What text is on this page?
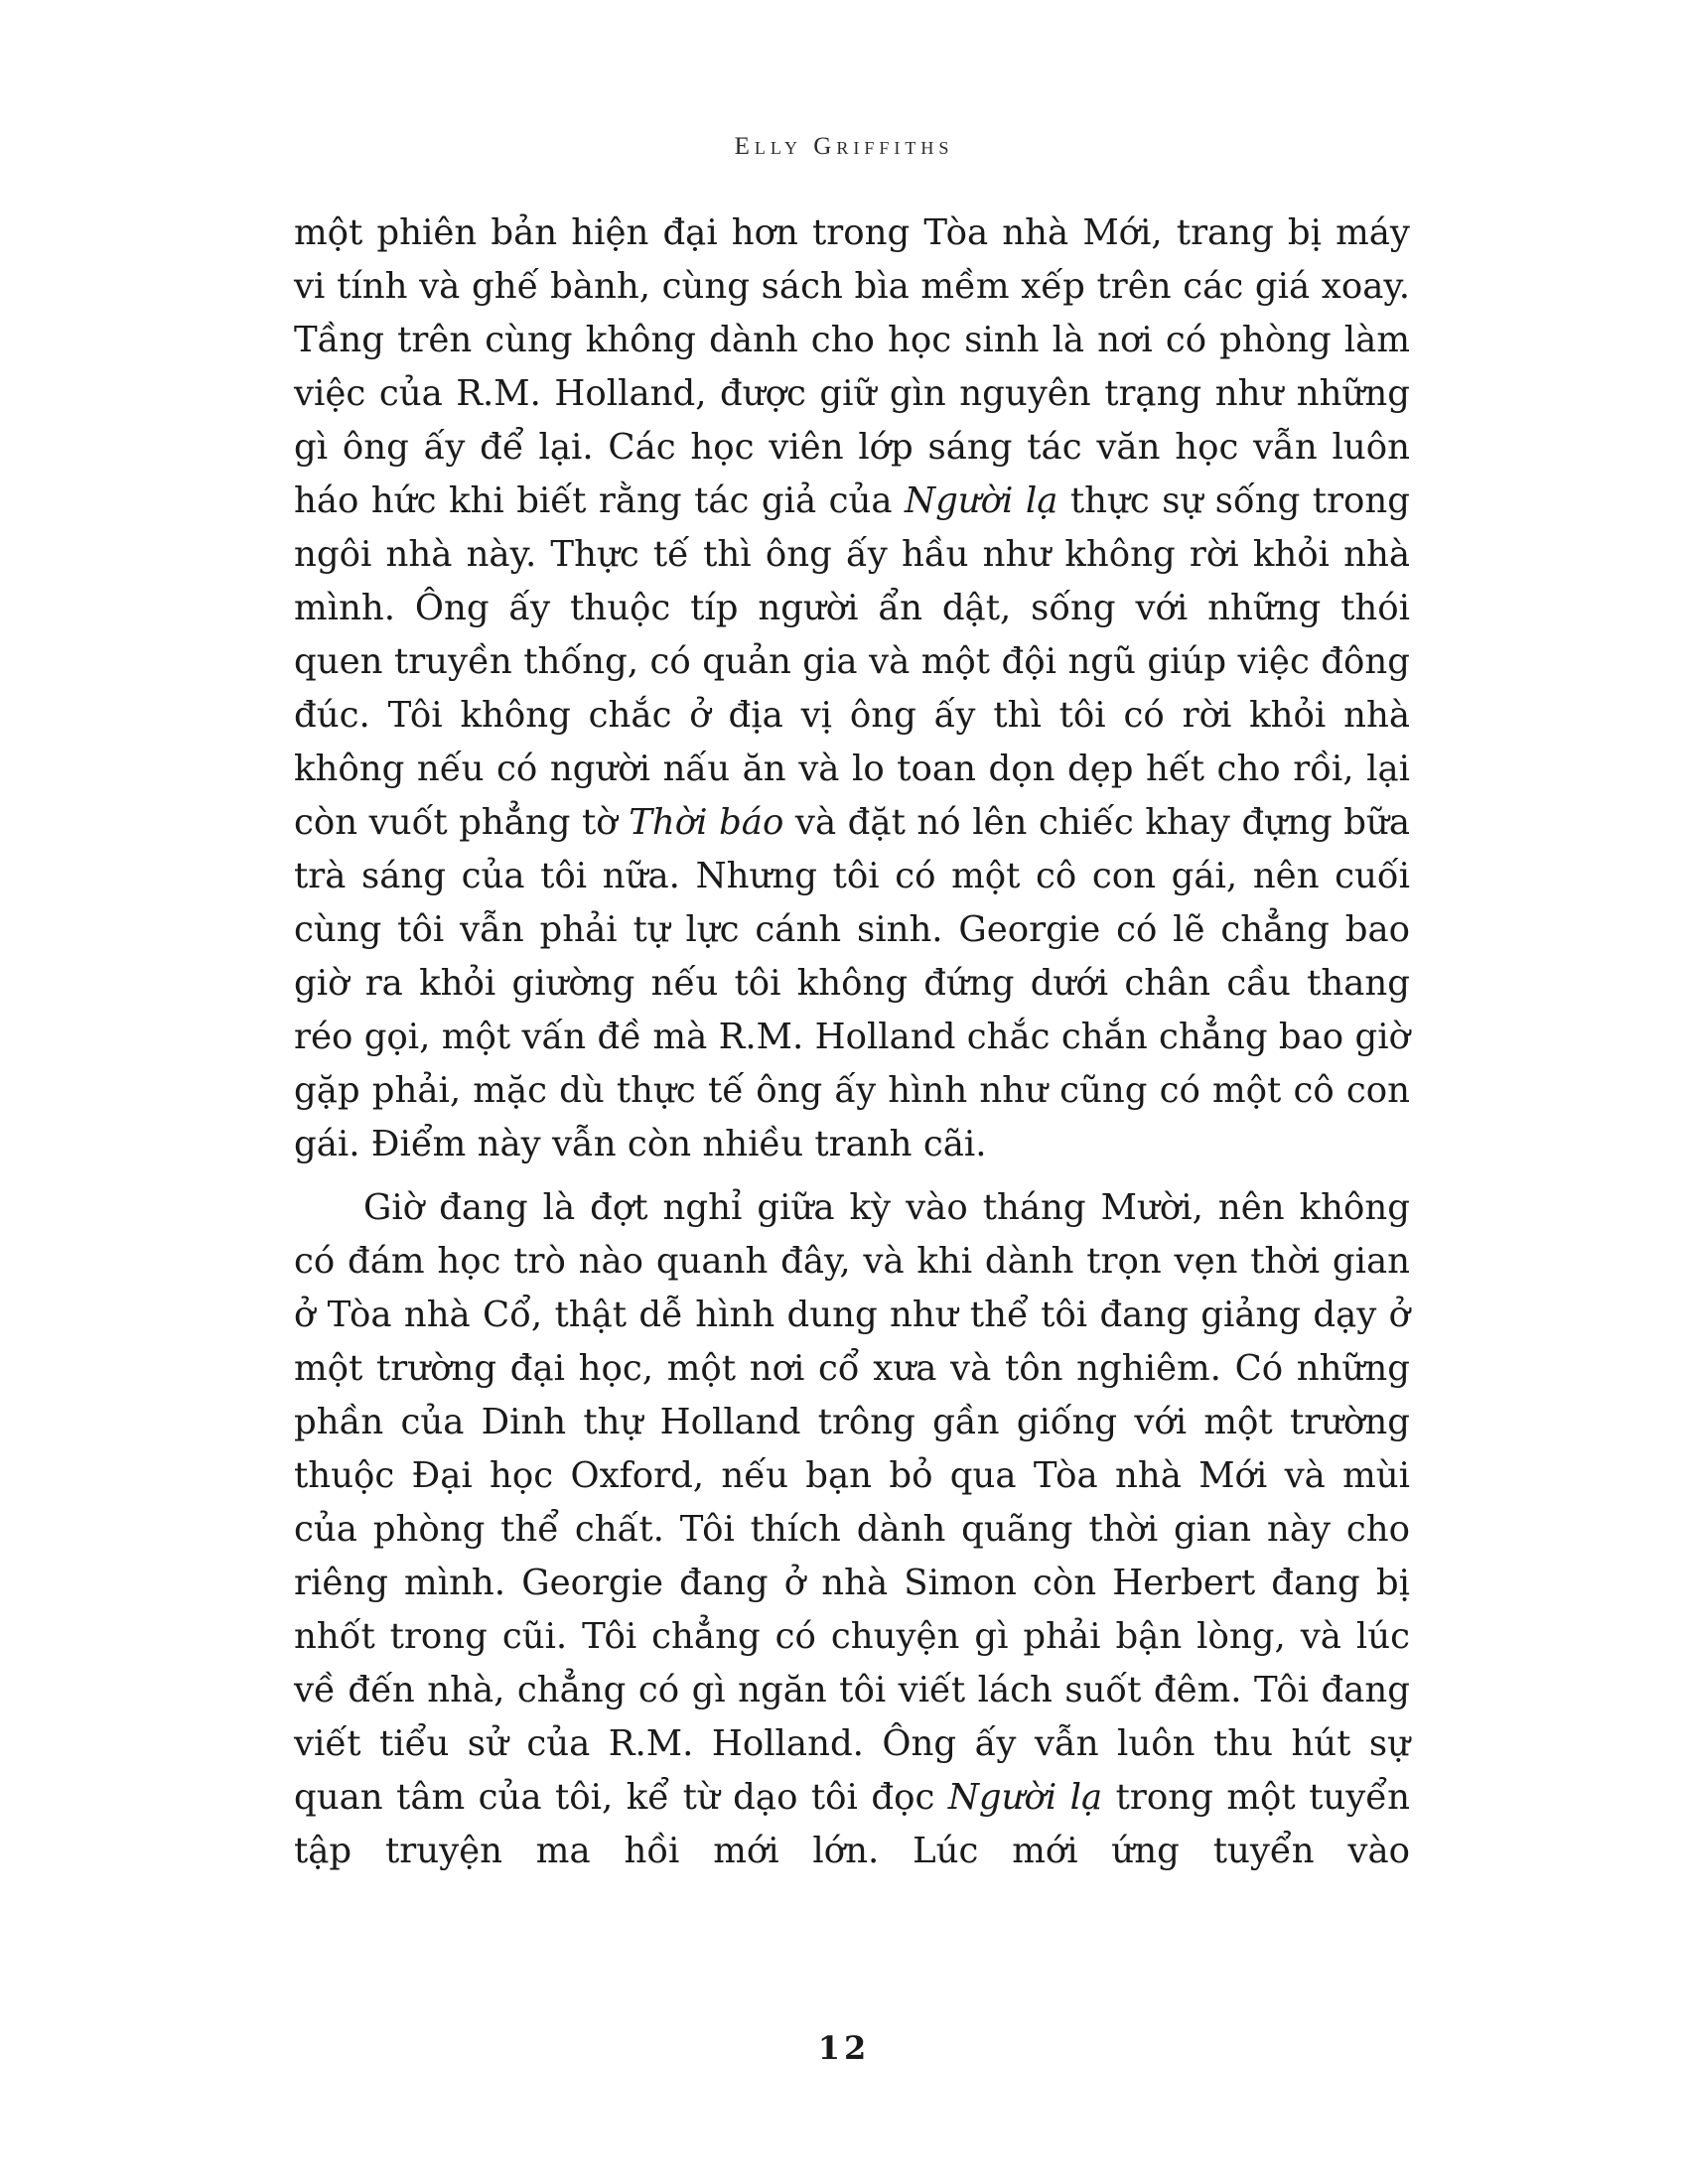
Elly Griffiths

một phiên bản hiện đại hơn trong Tòa nhà Mới, trang bị máy vi tính và ghế bành, cùng sách bìa mềm xếp trên các giá xoay. Tầng trên cùng không dành cho học sinh là nơi có phòng làm việc của R.M. Holland, được giữ gìn nguyên trạng như những gì ông ấy để lại. Các học viên lớp sáng tác văn học vẫn luôn háo hức khi biết rằng tác giả của Người lạ thực sự sống trong ngôi nhà này. Thực tế thì ông ấy hầu như không rời khỏi nhà mình. Ông ấy thuộc típ người ẩn dật, sống với những thói quen truyền thống, có quản gia và một đội ngũ giúp việc đông đúc. Tôi không chắc ở địa vị ông ấy thì tôi có rời khỏi nhà không nếu có người nấu ăn và lo toan dọn dẹp hết cho rồi, lại còn vuốt phẳng tờ Thời báo và đặt nó lên chiếc khay đựng bữa trà sáng của tôi nữa. Nhưng tôi có một cô con gái, nên cuối cùng tôi vẫn phải tự lực cánh sinh. Georgie có lẽ chẳng bao giờ ra khỏi giường nếu tôi không đứng dưới chân cầu thang réo gọi, một vấn đề mà R.M. Holland chắc chắn chẳng bao giờ gặp phải, mặc dù thực tế ông ấy hình như cũng có một cô con gái. Điểm này vẫn còn nhiều tranh cãi.

Giờ đang là đợt nghỉ giữa kỳ vào tháng Mười, nên không có đám học trò nào quanh đây, và khi dành trọn vẹn thời gian ở Tòa nhà Cổ, thật dễ hình dung như thể tôi đang giảng dạy ở một trường đại học, một nơi cổ xưa và tôn nghiêm. Có những phần của Dinh thự Holland trông gần giống với một trường thuộc Đại học Oxford, nếu bạn bỏ qua Tòa nhà Mới và mùi của phòng thể chất. Tôi thích dành quãng thời gian này cho riêng mình. Georgie đang ở nhà Simon còn Herbert đang bị nhốt trong cũi. Tôi chẳng có chuyện gì phải bận lòng, và lúc về đến nhà, chẳng có gì ngăn tôi viết lách suốt đêm. Tôi đang viết tiểu sử của R.M. Holland. Ông ấy vẫn luôn thu hút sự quan tâm của tôi, kể từ dạo tôi đọc Người lạ trong một tuyển tập truyện ma hồi mới lớn. Lúc mới ứng tuyển vào

12
